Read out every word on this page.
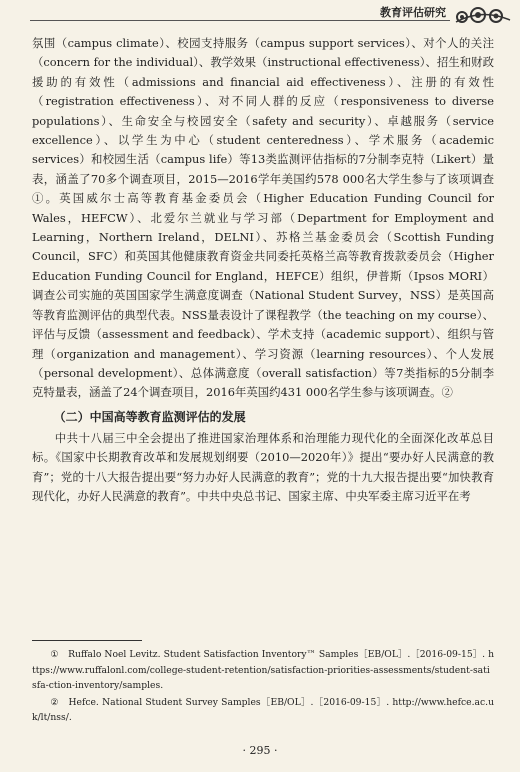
教育评估研究

氛围（campus climate）、校园支持服务（campus support services）、对个人的关注（concern for the individual）、教学效果（instructional effectiveness）、招生和财政援助的有效性（admissions and financial aid effectiveness）、注册的有效性（registration effectiveness）、对不同人群的反应（responsiveness to diverse populations）、生命安全与校园安全（safety and security）、卓越服务（service excellence）、以学生为中心（student centeredness）、学术服务（academic services）和校园生活（campus life）等13类监测评估指标的7分制李克特（Likert）量表，涵盖了70多个调查项目，2015—2016学年美国约578 000名大学生参与了该项调查①。英国威尔士高等教育基金委员会（Higher Education Funding Council for Wales，HEFCW）、北爱尔兰就业与学习部（Department for Employment and Learning，Northern Ireland，DELNI）、苏格兰基金委员会（Scottish Funding Council，SFC）和英国其他健康教育资金共同委托英格兰高等教育拨款委员会（Higher Education Funding Council for England，HEFCE）组织，伊普斯（Ipsos MORI）调查公司实施的英国国家学生满意度调查（National Student Survey，NSS）是英国高等教育监测评估的典型代表。NSS量表设计了课程教学（the teaching on my course）、评估与反馈（assessment and feedback）、学术支持（academic support）、组织与管理（organization and management）、学习资源（learning resources）、个人发展（personal development）、总体满意度（overall satisfaction）等7类指标的5分制李克特量表，涵盖了24个调查项目，2016年英国约431 000名学生参与该项调查。②

（二）中国高等教育监测评估的发展

中共十八届三中全会提出了推进国家治理体系和治理能力现代化的全面深化改革总目标。《国家中长期教育改革和发展规划纲要（2010—2020年）》提出“要办好人民满意的教育”；党的十八大报告提出要“努力办好人民满意的教育”；党的十九大报告提出要“加快教育现代化，办好人民满意的教育”。中共中央总书记、国家主席、中央军委主席习近平在考

①　Ruffalo Noel Levitz. Student Satisfaction Inventory™ Samples［EB/OL］.［2016-09-15］. https://www.ruffalonl.com/college-student-retention/satisfaction-priorities-assessments/student-satisfa-ction-inventory/samples.

②　Hefce. National Student Survey Samples［EB/OL］.［2016-09-15］. http://www.hefce.ac.uk/lt/nss/.

· 295 ·
